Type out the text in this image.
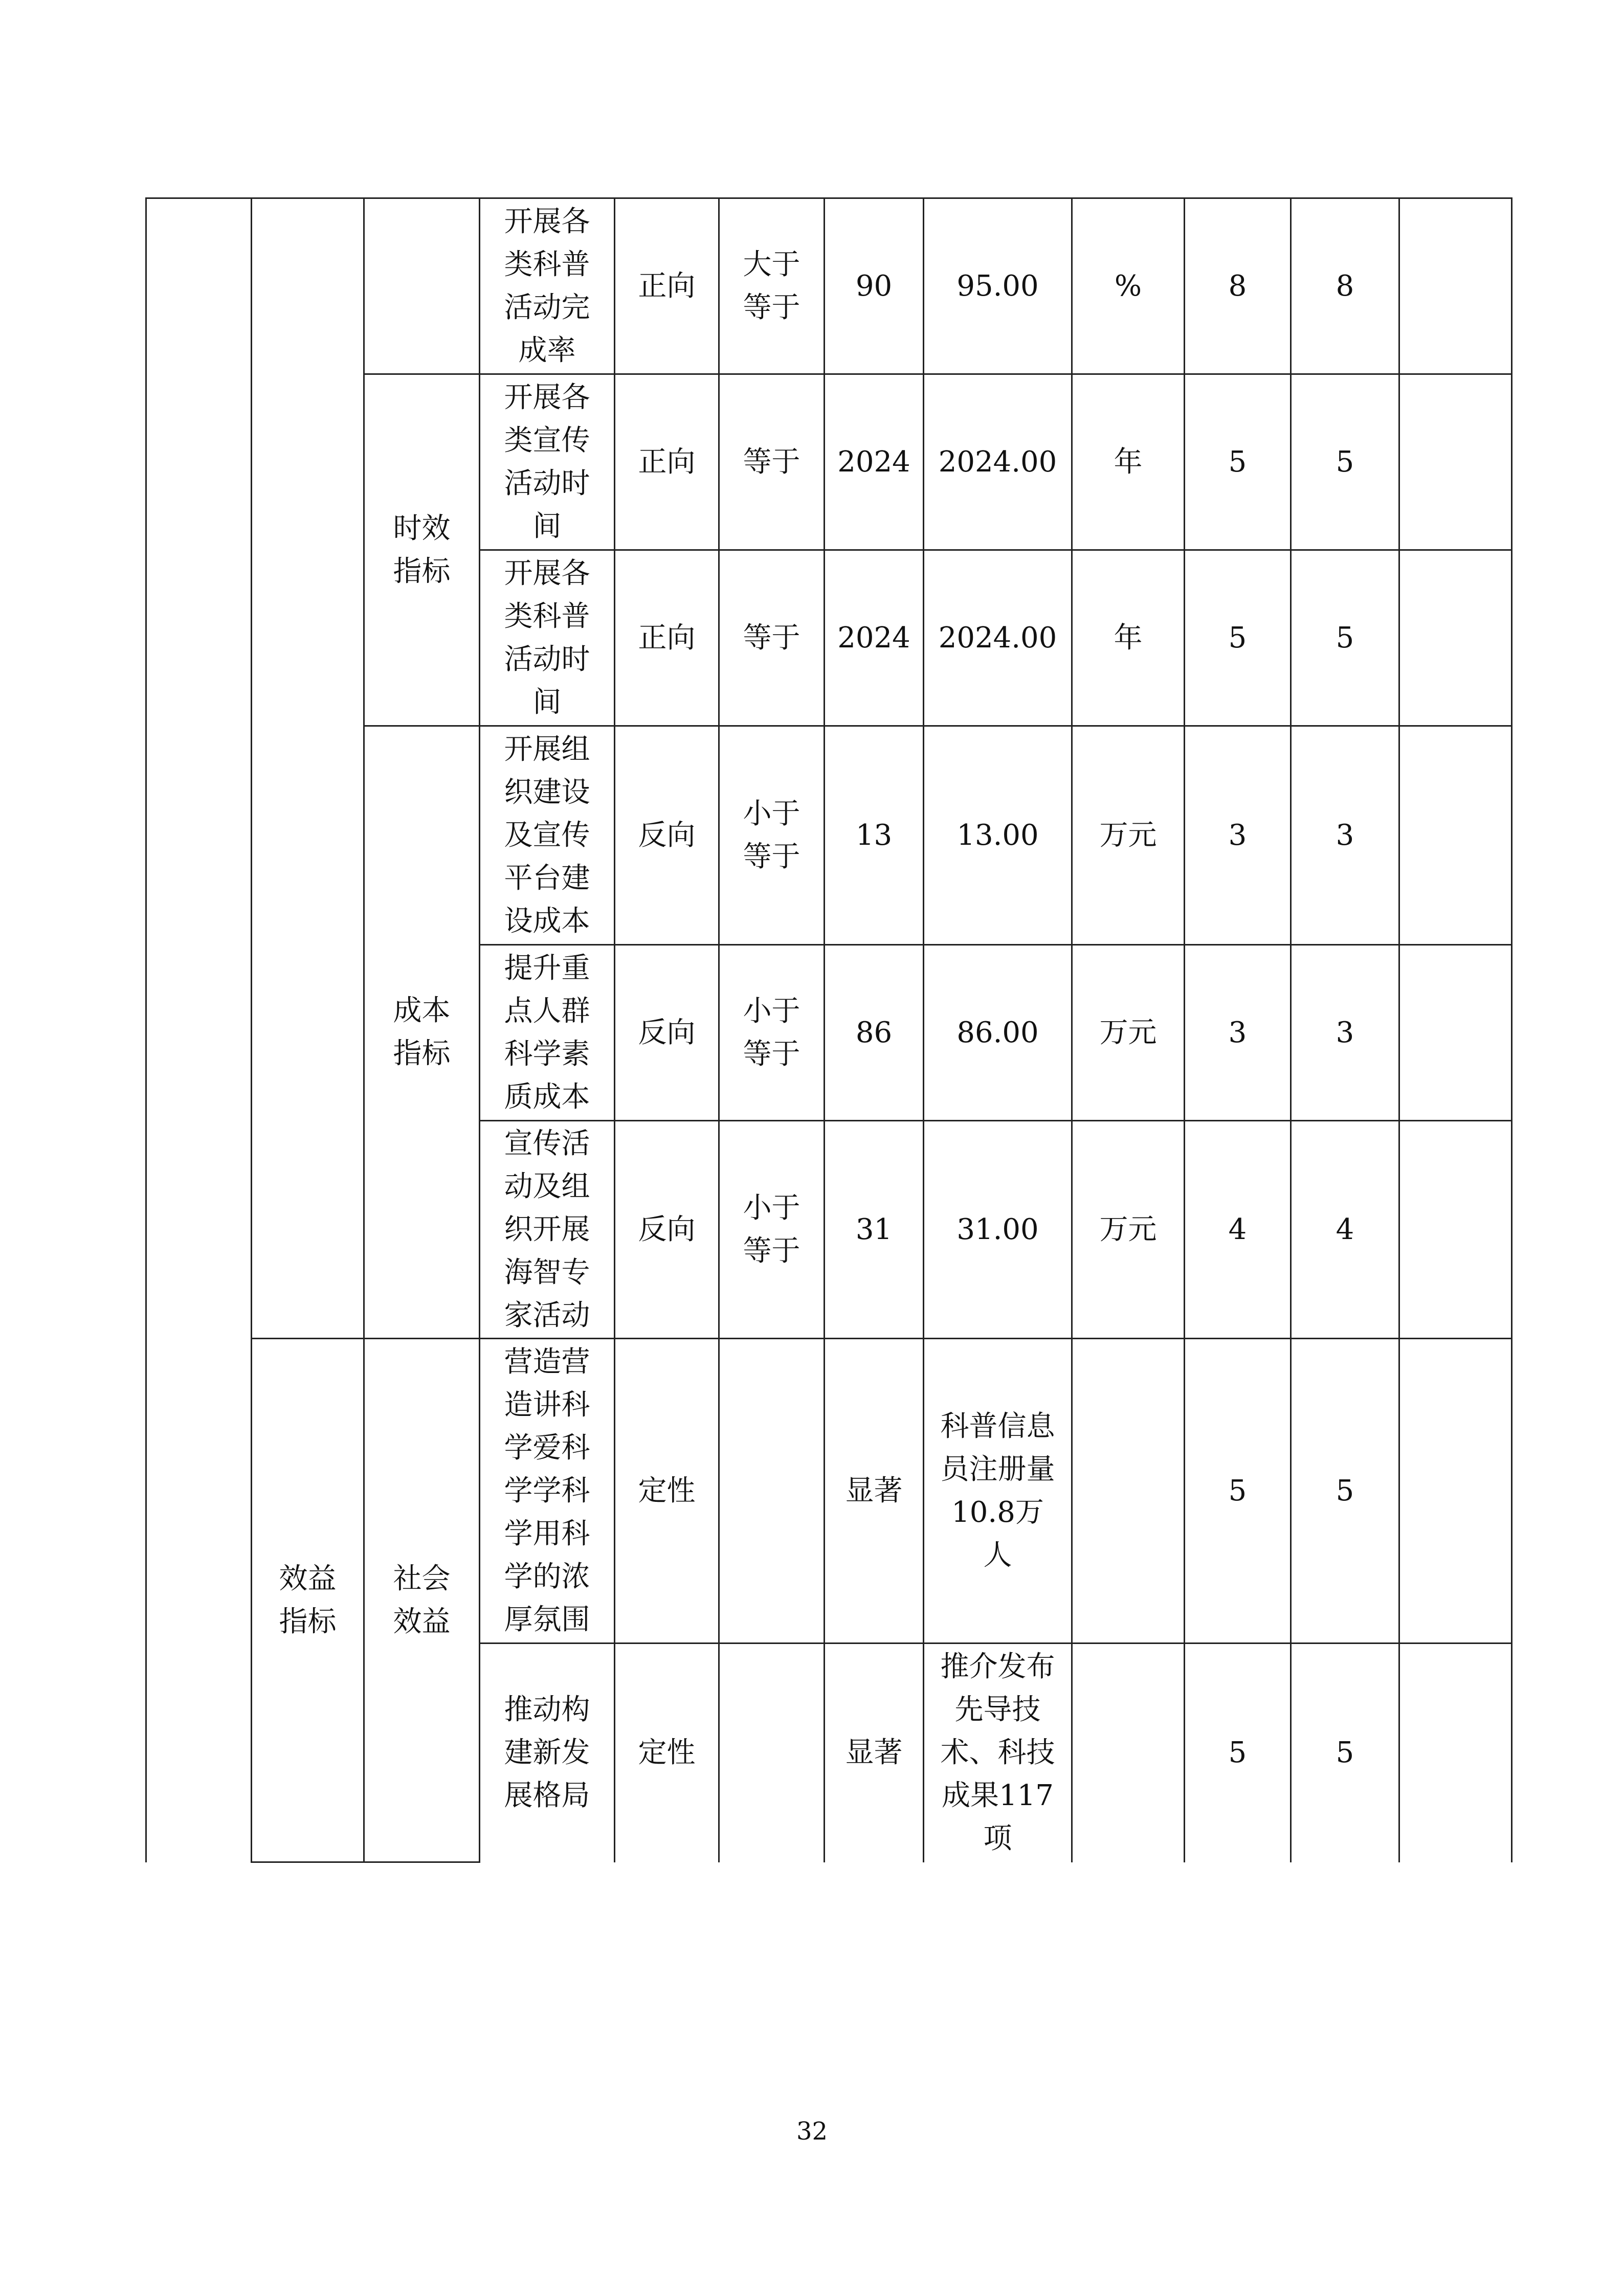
			开展各类科普活动完成率	正向	大于等于	90	95.00	%	8	8	
		时效指标	开展各类宣传活动时间	正向	等于	2024	2024.00	年	5	5	
			开展各类科普活动时间	正向	等于	2024	2024.00	年	5	5	
		成本指标	开展组织建设及宣传平台建设成本	反向	小于等于	13	13.00	万元	3	3	
			提升重点人群科学素质成本	反向	小于等于	86	86.00	万元	3	3	
			宣传活动及组织开展海智专家活动	反向	小于等于	31	31.00	万元	4	4	
	效益指标	社会效益	营造营造讲科学爱科学学科学用科学的浓厚氛围	定性		显著	科普信息员注册量10.8万人		5	5	
			推动构建新发展格局	定性		显著	推介发布先导技术、科技成果117项		5	5	
32
